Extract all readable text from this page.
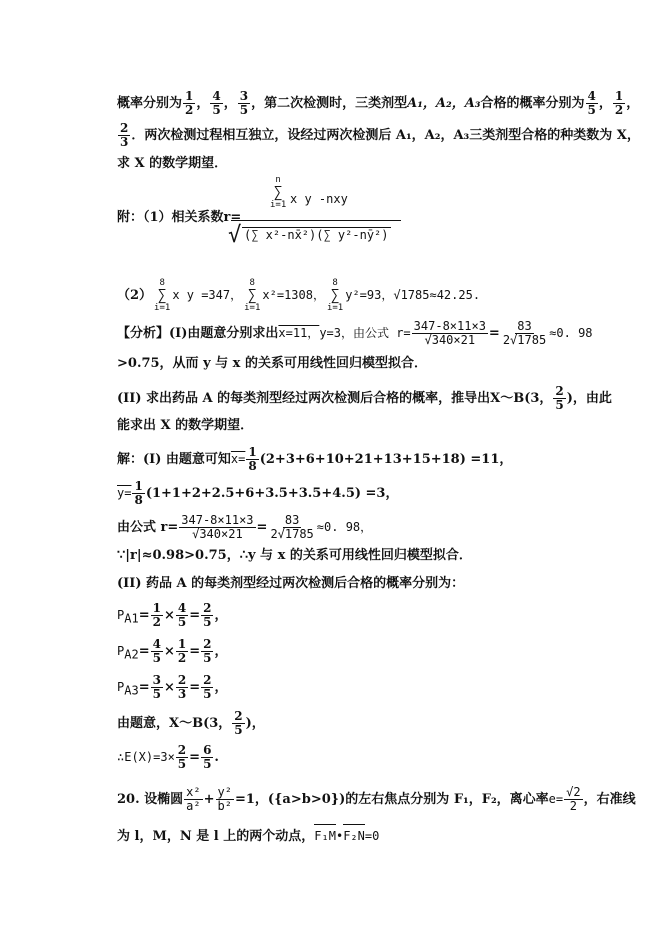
概率分别为 $\frac{1}{2}$ ， $\frac{4}{5}$ ， $\frac{3}{5}$ ，第二次检测时，三类剂型A₁，A₂，A₃合格的概率分别为 $\frac{4}{5}$ ， $\frac{1}{2}$ ，
$\frac{2}{3}$ ．两次检测过程相互独立，设经过两次检测后 A₁，A₂，A₃三类剂型合格的种类数为 X，
求 X 的数学期望．
附：（1）相关系数r=
n
∑
i=1 x y -nxy
√ (∑ x²-nx̄²)(∑ y²-nȳ²)
（2）
8
∑
i=1
x y =347，
8
∑
i=1
x²=1308，
8
∑
i=1
y²=93，√1785≈42.25.
【分析】(I)由题意分别求出x=11，y=3，由公式 $r= \frac{347-8\times 11\times 3}{√340\times 21} = \frac{83}{2√1785} \approx 0$. 98
>0.75，从而 y 与 x 的关系可用线性回归模型拟合．
(II) 求出药品 A 的每类剂型经过两次检测后合格的概率，推导出X～B(3， $\frac{2}{5}$ )，由此
能求出 X 的数学期望．
解：(I) 由题意可知$x= \frac{1}{8} (2+3+6+10+21+13+15+18) =11$，
$y= \frac{1}{8} (1+1+2+2.5+6+3.5+3.5+4.5) =3$，
由公式 $r= \frac{347-8\times 11\times 3}{√340\times 21} = \frac{83}{2√1785} \approx 0$. 98，
∵|r|≈0.98>0.75，∴y 与 x 的关系可用线性回归模型拟合．
(II) 药品 A 的每类剂型经过两次检测后合格的概率分别为：
$P_{A1}= \frac{1}{2} \times \frac{4}{5} = \frac{2}{5}$ ，
$P_{A2}= \frac{4}{5} \times \frac{1}{2} = \frac{2}{5}$ ，
$P_{A3}= \frac{3}{5} \times \frac{2}{3} = \frac{2}{5}$ ，
由题意，X～B(3， $\frac{2}{5}$ )，
∴E(X)=3× $\frac{2}{5} = \frac{6}{5}$ .
20. 设椭圆 $\frac{\text{x²}}{\text{a²}} + \frac{\text{y²}}{\text{b²}} =1$，({a>b>0})的左右焦点分别为 F₁，F₂，离心率$e= \frac{√2}{2}$ ，右准线
为 l，M，N 是 l 上的两个动点，F₁M•F₂N=0
